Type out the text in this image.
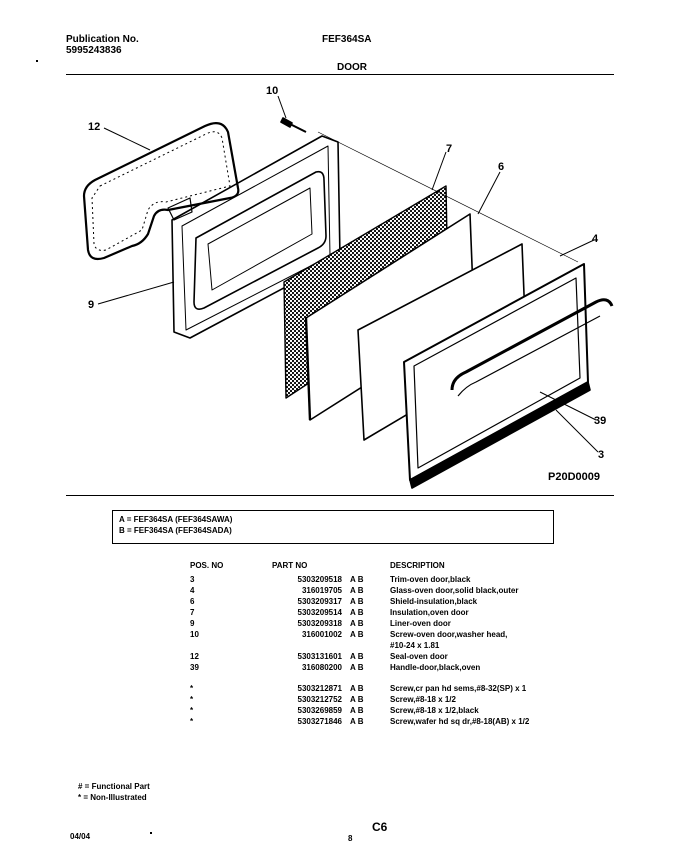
Publication No.
5995243836
FEF364SA
DOOR
12
10
7
6
4
9
39
3
P20D0009
A = FEF364SA (FEF364SAWA)
B = FEF364SA (FEF364SADA)
POS. NO	PART NO	DESCRIPTION
3	5303209518 A B	Trim-oven door,black
4	316019705 A B	Glass-oven door,solid black,outer
6	5303209317 A B	Shield-insulation,black
7	5303209514 A B	Insulation,oven door
9	5303209318 A B	Liner-oven door
10	316001002 A B	Screw-oven door,washer head,
#10-24 x 1.81
12	5303131601 A B	Seal-oven door
39	316080200 A B	Handle-door,black,oven
*	5303212871 A B	Screw,cr pan hd sems,#8-32(SP) x 1
*	5303212752 A B	Screw,#8-18 x 1/2
*	5303269859 A B	Screw,#8-18 x 1/2,black
*	5303271846 A B	Screw,wafer hd sq dr,#8-18(AB) x 1/2
# = Functional Part
* = Non-Illustrated
04/04	8
C6
